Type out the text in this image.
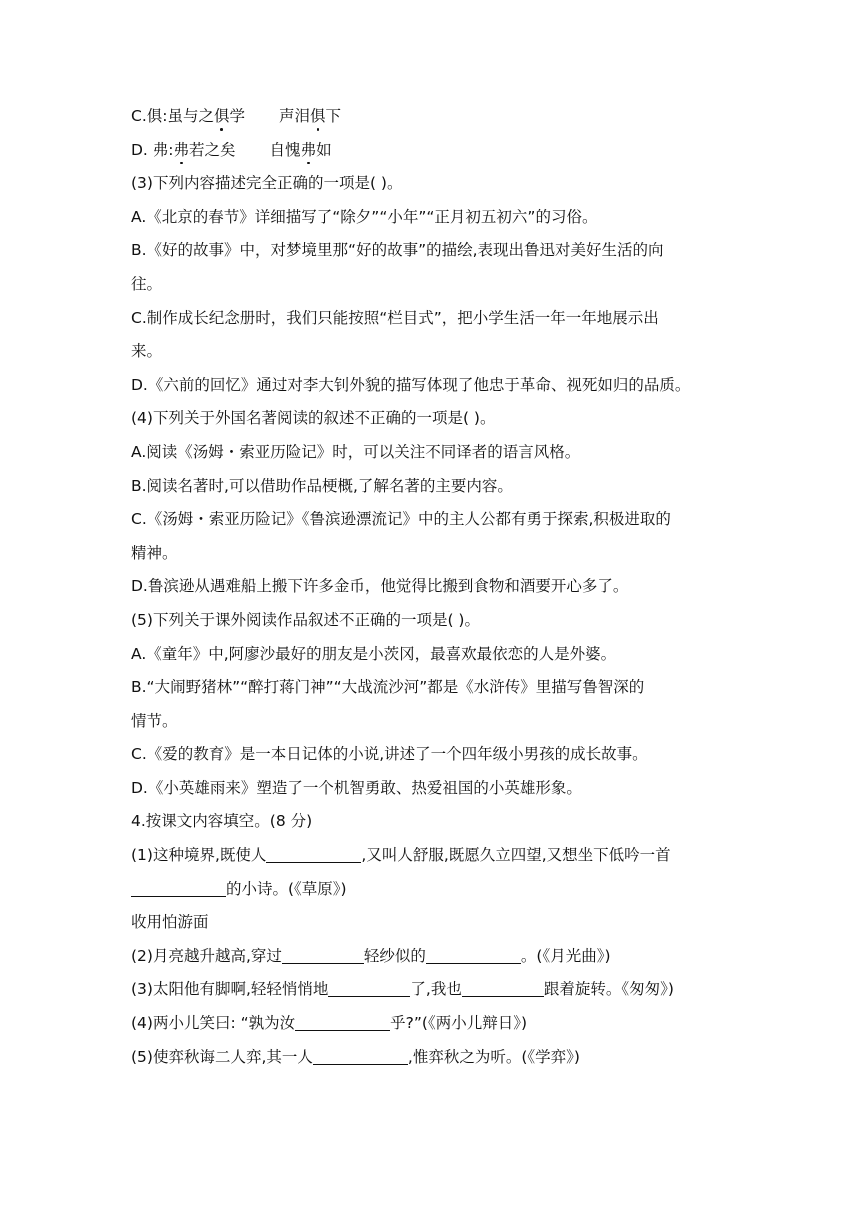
C.俱:虽与之俱学 声泪俱下
D. 弗:弗若之矣 自愧弗如
(3)下列内容描述完全正确的一项是( )。
A.《北京的春节》详细描写了“除夕”“小年”“正月初五初六”的习俗。
B.《好的故事》中，对梦境里那“好的故事”的描绘,表现出鲁迅对美好生活的向
往。
C.制作成长纪念册时，我们只能按照“栏目式”，把小学生活一年一年地展示出
来。
D.《六前的回忆》通过对李大钊外貌的描写体现了他忠于革命、视死如归的品质。
(4)下列关于外国名著阅读的叙述不正确的一项是( )。
A.阅读《汤姆・索亚历险记》时，可以关注不同译者的语言风格。
B.阅读名著时,可以借助作品梗概,了解名著的主要内容。
C.《汤姆・索亚历险记》《鲁滨逊漂流记》中的主人公都有勇于探索,积极进取的
精神。
D.鲁滨逊从遇难船上搬下许多金币，他觉得比搬到食物和酒要开心多了。
(5)下列关于课外阅读作品叙述不正确的一项是( )。
A.《童年》中,阿廖沙最好的朋友是小茨冈，最喜欢最依恋的人是外婆。
B.“大闹野猪林”“醉打蒋门神”“大战流沙河”都是《水浒传》里描写鲁智深的
情节。
C.《爱的教育》是一本日记体的小说,讲述了一个四年级小男孩的成长故事。
D.《小英雄雨来》塑造了一个机智勇敢、热爱祖国的小英雄形象。
4.按课文内容填空。(8 分)
(1)这种境界,既使人	,又叫人舒服,既愿久立四望,又想坐下低吟一首
的小诗。(《草原》)
收用怕游面
(2)月亮越升越高,穿过	轻纱似的	。(《月光曲》)
(3)太阳他有脚啊,轻轻悄悄地	了,我也	跟着旋转。《匆匆》)
(4)两小儿笑曰: “孰为汝	乎?”(《两小儿辩日》)
(5)使弈秋诲二人弈,其一人	,惟弈秋之为听。(《学弈》)
